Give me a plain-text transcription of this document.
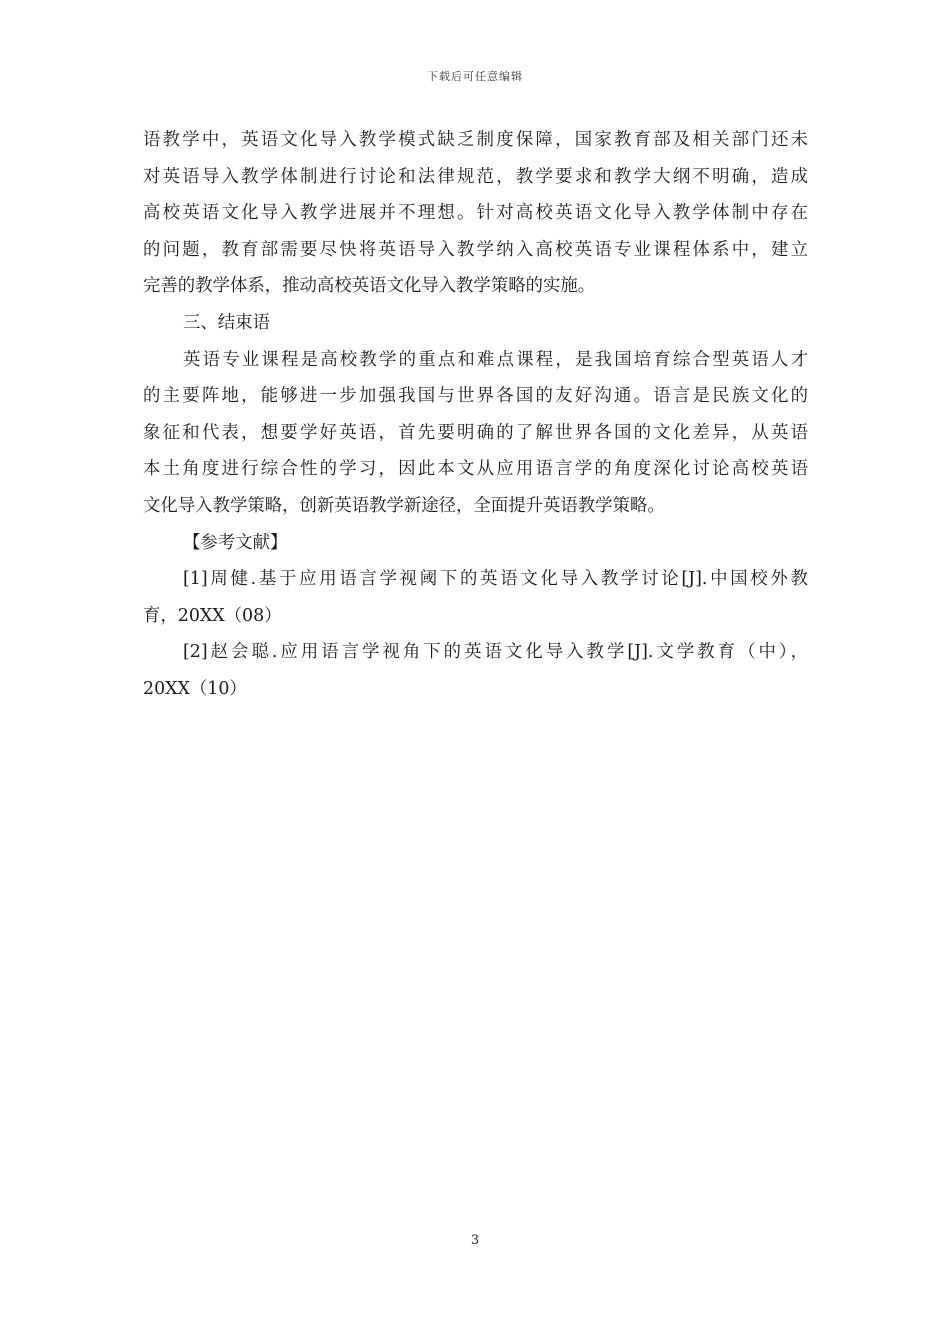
下载后可任意编辑
语教学中，英语文化导入教学模式缺乏制度保障，国家教育部及相关部门还未
对英语导入教学体制进行讨论和法律规范，教学要求和教学大纲不明确，造成
高校英语文化导入教学进展并不理想。针对高校英语文化导入教学体制中存在
的问题，教育部需要尽快将英语导入教学纳入高校英语专业课程体系中，建立
完善的教学体系，推动高校英语文化导入教学策略的实施。
三、结束语
英语专业课程是高校教学的重点和难点课程，是我国培育综合型英语人才
的主要阵地，能够进一步加强我国与世界各国的友好沟通。语言是民族文化的
象征和代表，想要学好英语，首先要明确的了解世界各国的文化差异，从英语
本土角度进行综合性的学习，因此本文从应用语言学的角度深化讨论高校英语
文化导入教学策略，创新英语教学新途径，全面提升英语教学策略。
【参考文献】
[1]周健.基于应用语言学视阈下的英语文化导入教学讨论[J].中国校外教
育，20XX（08）
[2]赵会聪.应用语言学视角下的英语文化导入教学[J].文学教育（中），
20XX（10）
3
